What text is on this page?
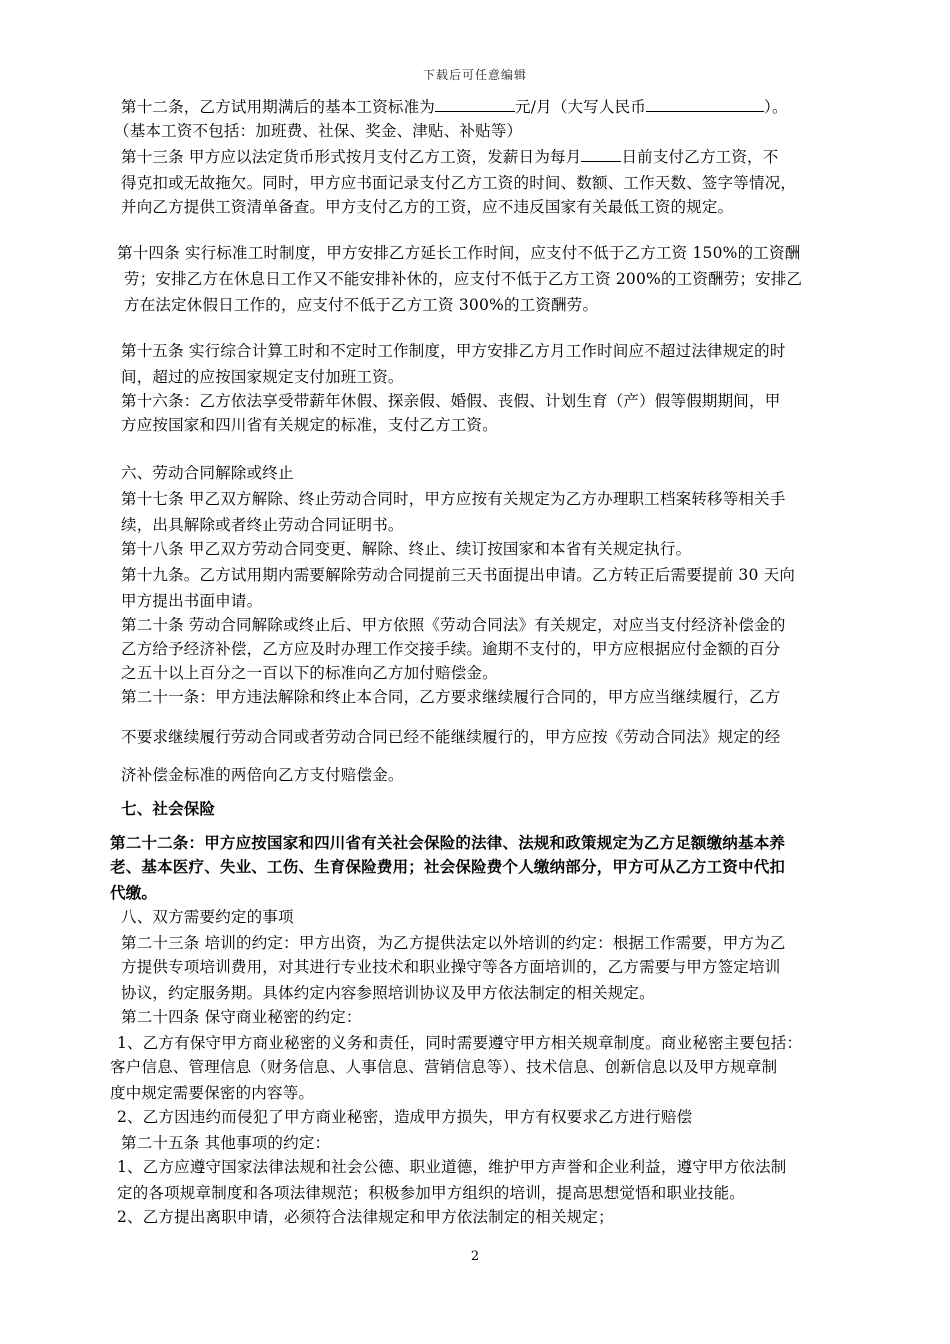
下载后可任意编辑
第十二条，乙方试用期满后的基本工资标准为	元/月（大写人民币	）。
（基本工资不包括：加班费、社保、奖金、津贴、补贴等）
第十三条 甲方应以法定货币形式按月支付乙方工资，发薪日为每月	日前支付乙方工资，不
得克扣或无故拖欠。同时，甲方应书面记录支付乙方工资的时间、数额、工作天数、签字等情况，
并向乙方提供工资清单备查。甲方支付乙方的工资，应不违反国家有关最低工资的规定。
第十四条 实行标准工时制度，甲方安排乙方延长工作时间，应支付不低于乙方工资 150%的工资酬
劳；安排乙方在休息日工作又不能安排补休的，应支付不低于乙方工资 200%的工资酬劳；安排乙
方在法定休假日工作的，应支付不低于乙方工资 300%的工资酬劳。
第十五条 实行综合计算工时和不定时工作制度，甲方安排乙方月工作时间应不超过法律规定的时
间，超过的应按国家规定支付加班工资。
第十六条：乙方依法享受带薪年休假、探亲假、婚假、丧假、计划生育（产）假等假期期间，甲
方应按国家和四川省有关规定的标准，支付乙方工资。
六、劳动合同解除或终止
第十七条 甲乙双方解除、终止劳动合同时，甲方应按有关规定为乙方办理职工档案转移等相关手
续，出具解除或者终止劳动合同证明书。
第十八条 甲乙双方劳动合同变更、解除、终止、续订按国家和本省有关规定执行。
第十九条。乙方试用期内需要解除劳动合同提前三天书面提出申请。乙方转正后需要提前 30 天向
甲方提出书面申请。
第二十条 劳动合同解除或终止后、甲方依照《劳动合同法》有关规定，对应当支付经济补偿金的
乙方给予经济补偿，乙方应及时办理工作交接手续。逾期不支付的，甲方应根据应付金额的百分
之五十以上百分之一百以下的标准向乙方加付赔偿金。
第二十一条：甲方违法解除和终止本合同，乙方要求继续履行合同的，甲方应当继续履行，乙方
不要求继续履行劳动合同或者劳动合同已经不能继续履行的，甲方应按《劳动合同法》规定的经
济补偿金标准的两倍向乙方支付赔偿金。
七、社会保险
第二十二条：甲方应按国家和四川省有关社会保险的法律、法规和政策规定为乙方足额缴纳基本养
老、基本医疗、失业、工伤、生育保险费用；社会保险费个人缴纳部分，甲方可从乙方工资中代扣
代缴。
八、双方需要约定的事项
第二十三条 培训的约定：甲方出资，为乙方提供法定以外培训的约定：根据工作需要，甲方为乙
方提供专项培训费用，对其进行专业技术和职业操守等各方面培训的，乙方需要与甲方签定培训
协议，约定服务期。具体约定内容参照培训协议及甲方依法制定的相关规定。
第二十四条 保守商业秘密的约定：
1、乙方有保守甲方商业秘密的义务和责任，同时需要遵守甲方相关规章制度。商业秘密主要包括：
客户信息、管理信息（财务信息、人事信息、营销信息等）、技术信息、创新信息以及甲方规章制
度中规定需要保密的内容等。
2、乙方因违约而侵犯了甲方商业秘密，造成甲方损失，甲方有权要求乙方进行赔偿
第二十五条 其他事项的约定：
1、乙方应遵守国家法律法规和社会公德、职业道德，维护甲方声誉和企业利益，遵守甲方依法制
定的各项规章制度和各项法律规范；积极参加甲方组织的培训，提高思想觉悟和职业技能。
2、乙方提出离职申请，必须符合法律规定和甲方依法制定的相关规定；
2
